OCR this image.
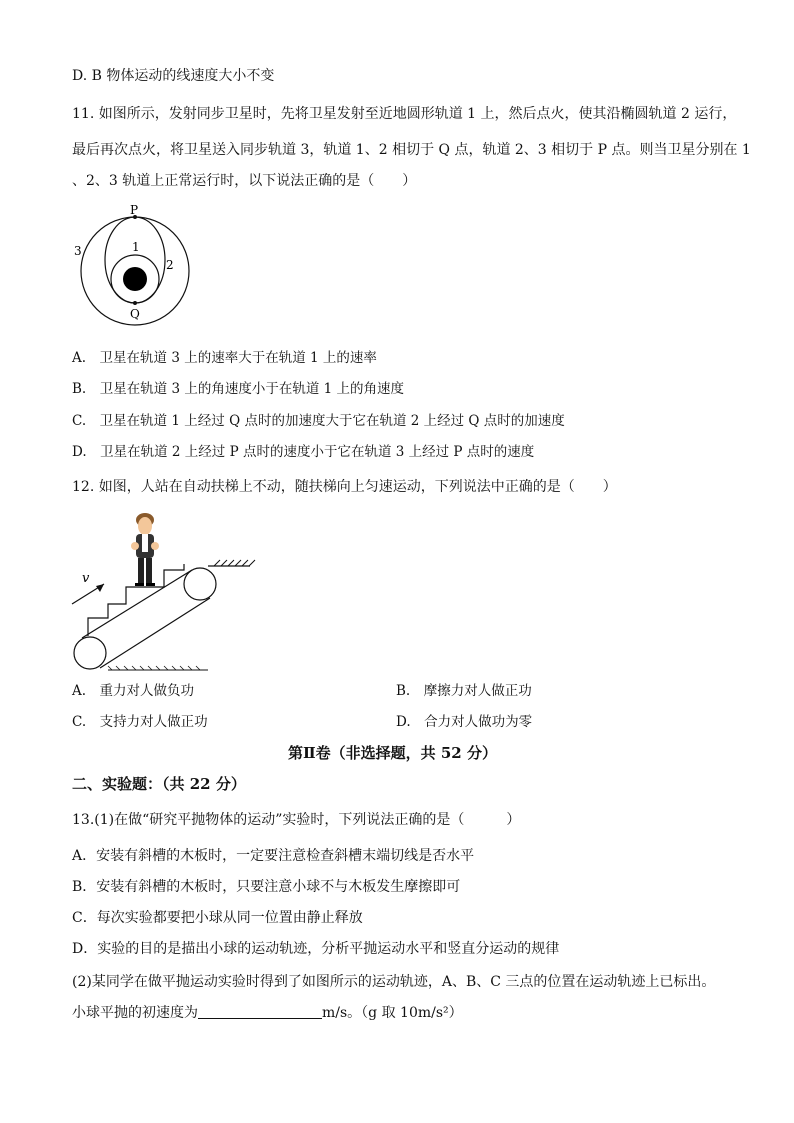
D. B 物体运动的线速度大小不变
11. 如图所示，发射同步卫星时，先将卫星发射至近地圆形轨道 1 上，然后点火，使其沿椭圆轨道 2 运行，
最后再次点火，将卫星送入同步轨道 3，轨道 1、2 相切于 Q 点，轨道 2、3 相切于 P 点。则当卫星分别在 1
、2、3 轨道上正常运行时，以下说法正确的是（　　）
P
Q
1
2
3
A.　卫星在轨道 3 上的速率大于在轨道 1 上的速率
B.　卫星在轨道 3 上的角速度小于在轨道 1 上的角速度
C.　卫星在轨道 1 上经过 Q 点时的加速度大于它在轨道 2 上经过 Q 点时的加速度
D.　卫星在轨道 2 上经过 P 点时的速度小于它在轨道 3 上经过 P 点时的速度
12. 如图，人站在自动扶梯上不动，随扶梯向上匀速运动，下列说法中正确的是（　　）
v
A.　重力对人做负功	B.　摩擦力对人做正功
C.　支持力对人做正功	D.　合力对人做功为零
第Ⅱ卷（非选择题，共 52 分）
二、实验题：（共 22 分）
13.(1)在做“研究平抛物体的运动”实验时，下列说法正确的是（　　　）
A．安装有斜槽的木板时，一定要注意检查斜槽末端切线是否水平
B．安装有斜槽的木板时，只要注意小球不与木板发生摩擦即可
C．每次实验都要把小球从同一位置由静止释放
D．实验的目的是描出小球的运动轨迹，分析平抛运动水平和竖直分运动的规律
(2)某同学在做平抛运动实验时得到了如图所示的运动轨迹，A、B、C 三点的位置在运动轨迹上已标出。
小球平抛的初速度为	m/s。（g 取 10m/s²）
